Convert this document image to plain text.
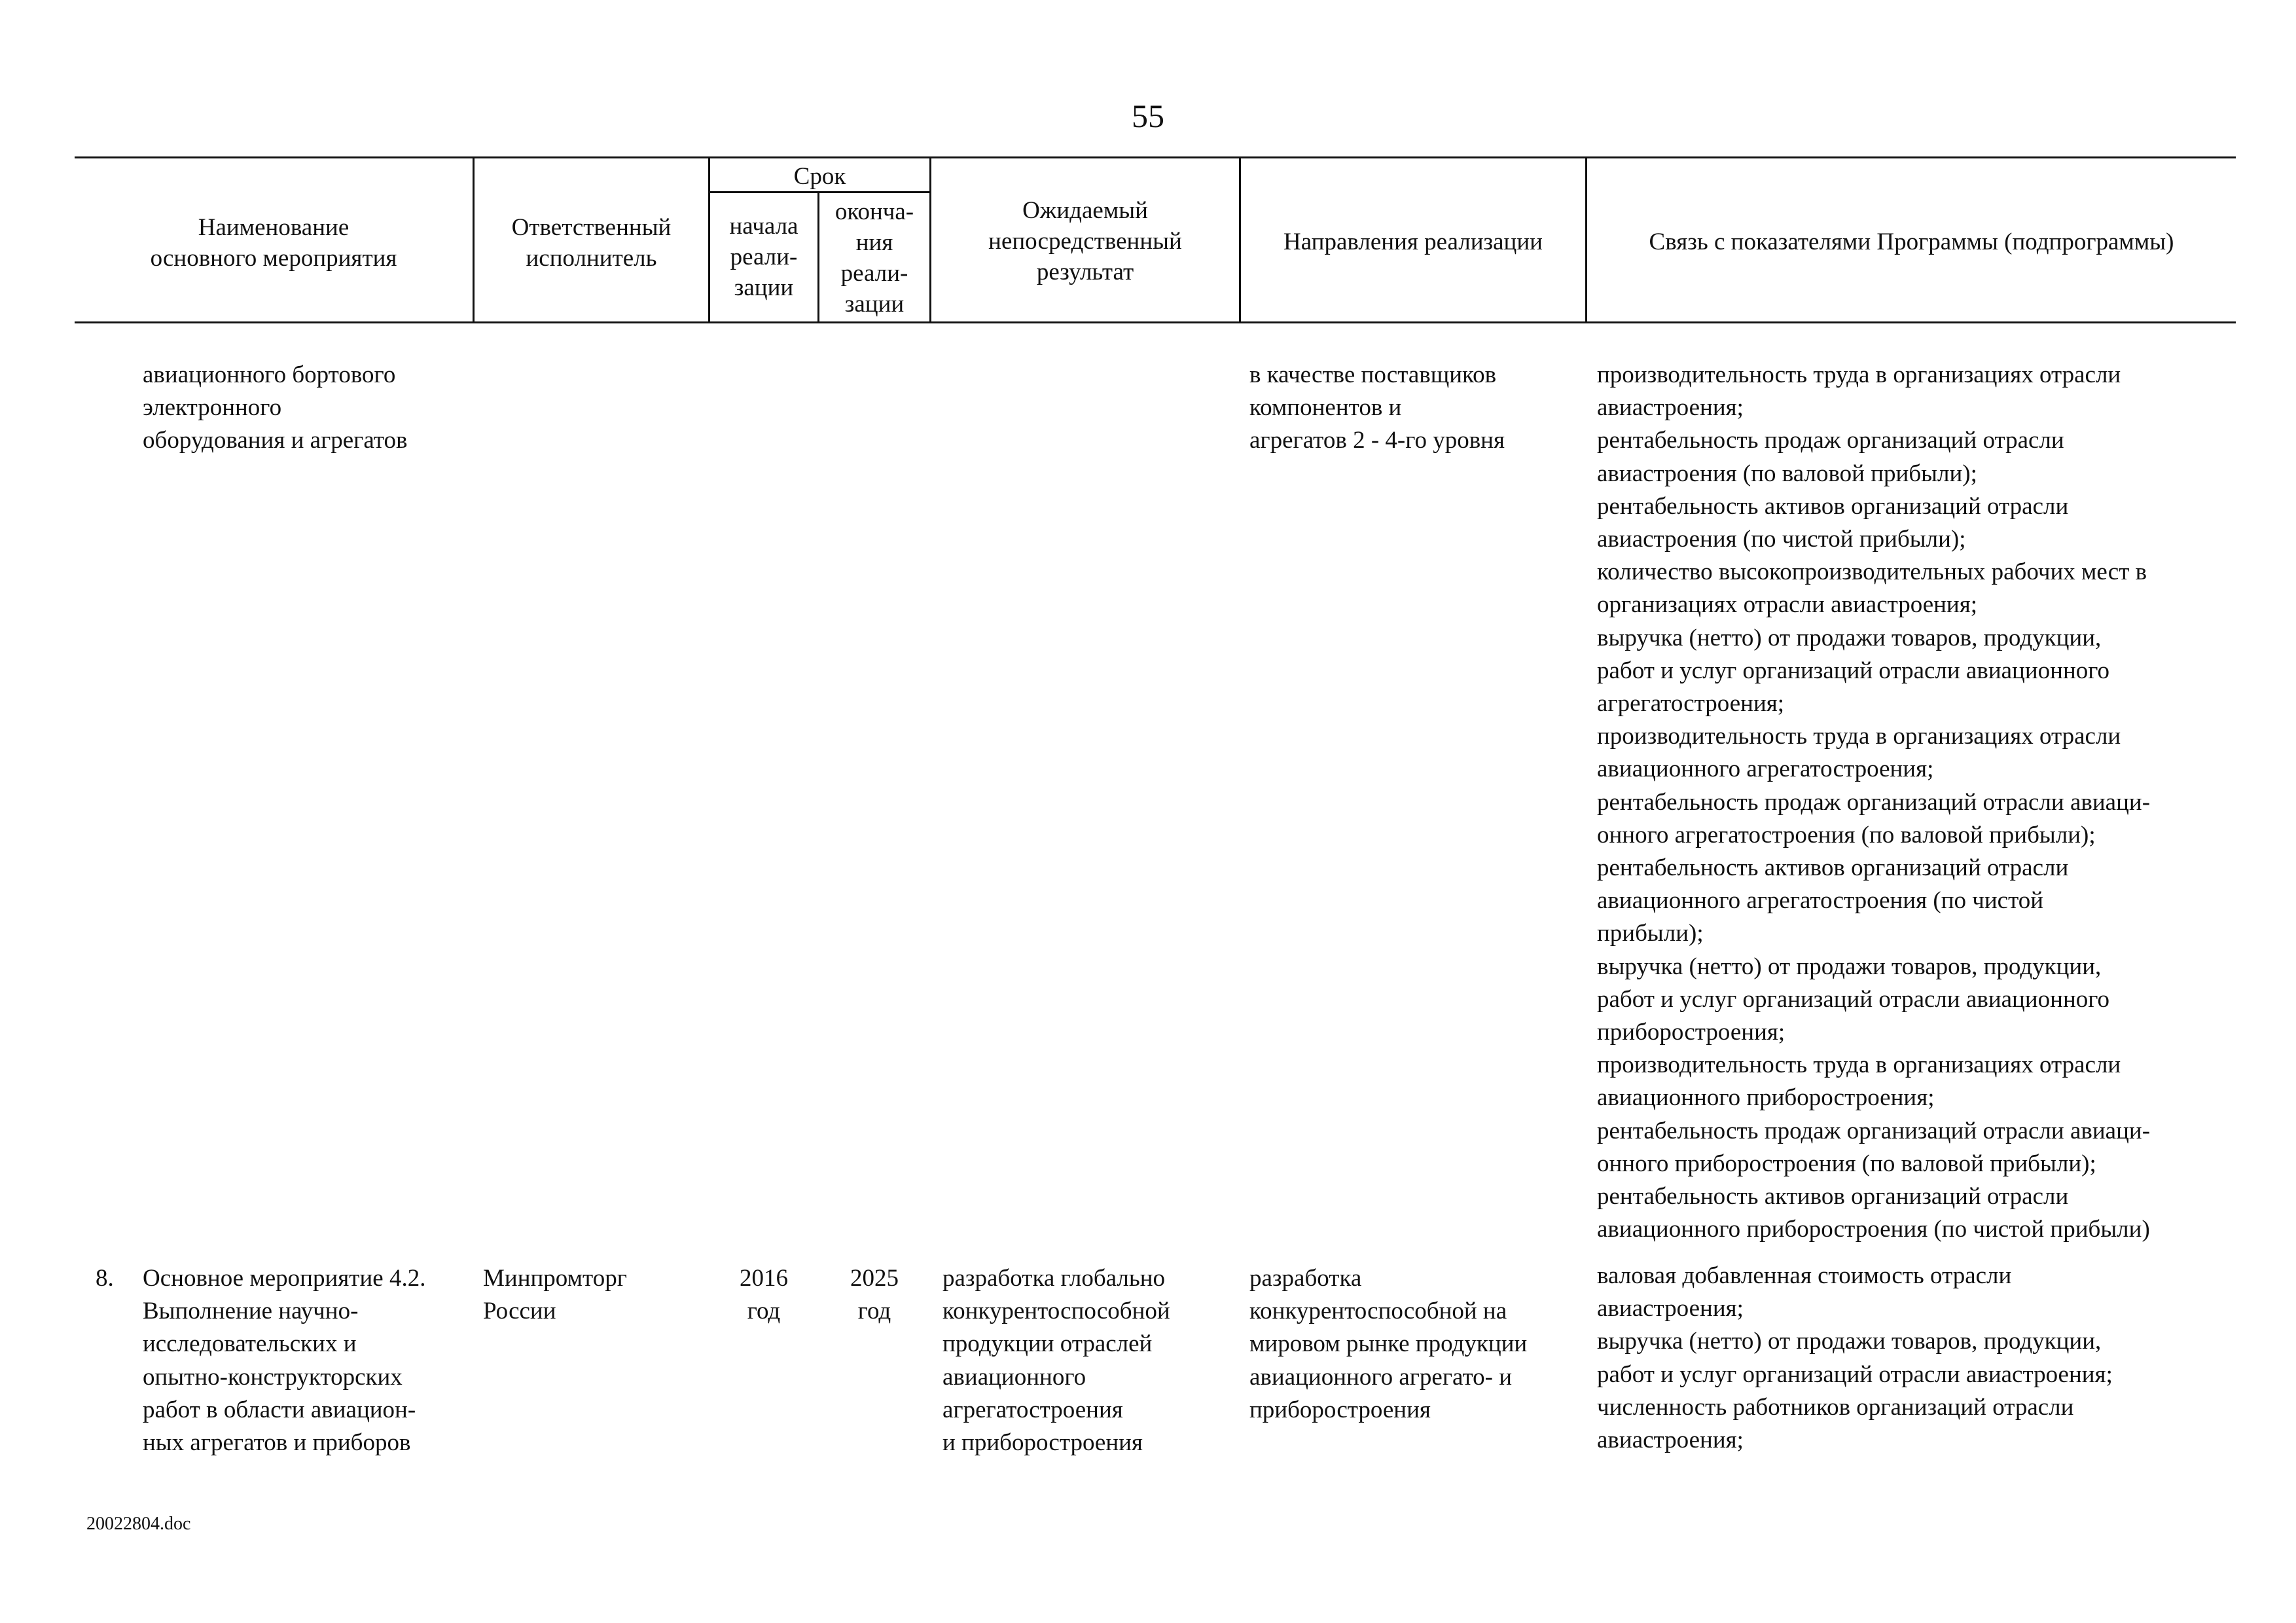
55
Наименование
основного мероприятия
Ответственный
исполнитель
Срок
начала
реали-
зации
оконча-
ния
реали-
зации
Ожидаемый
непосредственный
результат
Направления реализации	Связь с показателями Программы (подпрограммы)
авиационного бортового
электронного
оборудования и агрегатов
в качестве поставщиков
компонентов и
агрегатов 2 - 4-го уровня
производительность труда в организациях отрасли
авиастроения;
рентабельность продаж организаций отрасли
авиастроения (по валовой прибыли);
рентабельность активов организаций отрасли
авиастроения (по чистой прибыли);
количество высокопроизводительных рабочих мест в
организациях отрасли авиастроения;
выручка (нетто) от продажи товаров, продукции,
работ и услуг организаций отрасли авиационного
агрегатостроения;
производительность труда в организациях отрасли
авиационного агрегатостроения;
рентабельность продаж организаций отрасли авиаци-
онного агрегатостроения (по валовой прибыли);
рентабельность активов организаций отрасли
авиационного агрегатостроения (по чистой
прибыли);
выручка (нетто) от продажи товаров, продукции,
работ и услуг организаций отрасли авиационного
приборостроения;
производительность труда в организациях отрасли
авиационного приборостроения;
рентабельность продаж организаций отрасли авиаци-
онного приборостроения (по валовой прибыли);
рентабельность активов организаций отрасли
авиационного приборостроения (по чистой прибыли)
8. Основное мероприятие 4.2.
Выполнение научно-
исследовательских и
опытно-конструкторских
работ в области авиацион-
ных агрегатов и приборов
Минпромторг
России
2016
год
2025
год
разработка глобально
конкурентоспособной
продукции отраслей
авиационного
агрегатостроения
и приборостроения
разработка
конкурентоспособной на
мировом рынке продукции
авиационного агрегато- и
приборостроения
валовая добавленная стоимость отрасли
авиастроения;
выручка (нетто) от продажи товаров, продукции,
работ и услуг организаций отрасли авиастроения;
численность работников организаций отрасли
авиастроения;
20022804.doc
